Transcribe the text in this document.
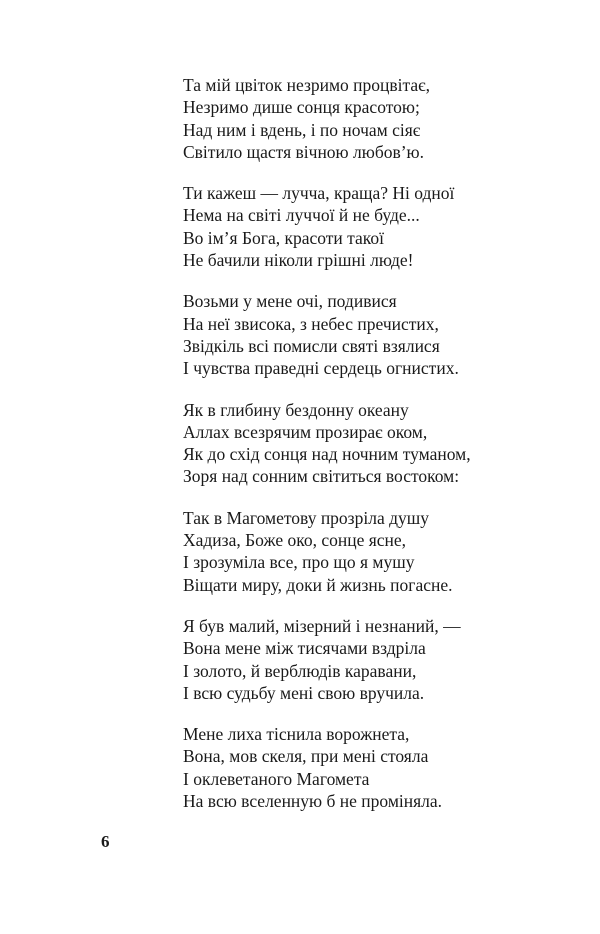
Та мій цвіток незримо процвітає,
Незримо дише сонця красотою;
Над ним і вдень, і по ночам сіяє
Світило щастя вічною любов’ю.
Ти кажеш — лучча, краща? Ні одної
Нема на світі луччої й не буде...
Во ім’я Бога, красоти такої
Не бачили ніколи грішні люде!
Возьми у мене очі, подивися
На неї звисока, з небес пречистих,
Звідкіль всі помисли святі взялися
І чувства праведні сердець огнистих.
Як в глибину бездонну океану
Аллах всезрячим прозирає оком,
Як до схід сонця над ночним туманом,
Зоря над сонним світиться востоком:
Так в Магометову прозріла душу
Хадиза, Боже око, сонце ясне,
І зрозуміла все, про що я мушу
Віщати миру, доки й жизнь погасне.
Я був малий, мізерний і незнаний, —
Вона мене між тисячами вздріла
І золото, й верблюдів каравани,
І всю судьбу мені свою вручила.
Мене лиха тіснила ворожнета,
Вона, мов скеля, при мені стояла
І оклеветаного Магомета
На всю вселенную б не проміняла.
6
